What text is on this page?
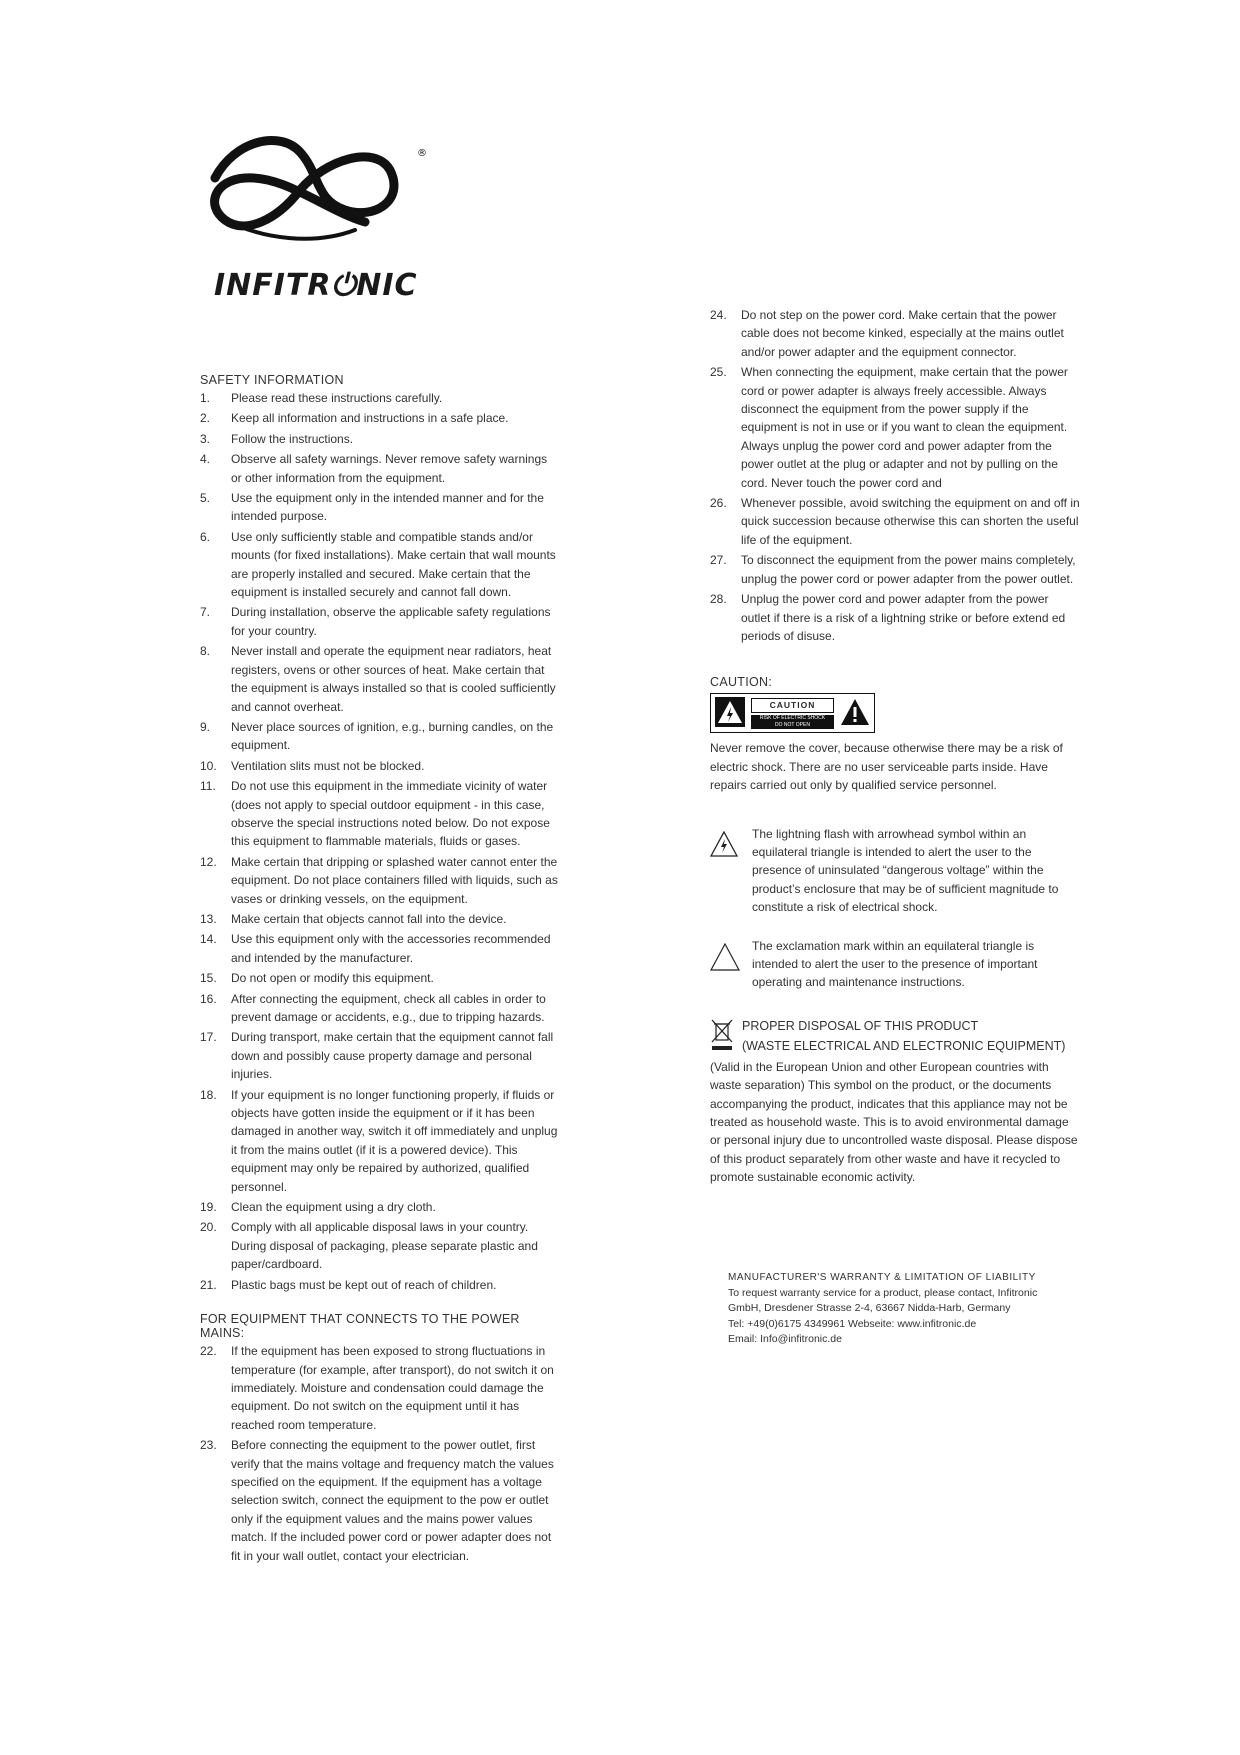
®
INFITR⏻NIC
SAFETY INFORMATION
1.	Please read these instructions carefully.
2.	Keep all information and instructions in a safe place.
3.	Follow the instructions.
4.	Observe all safety warnings. Never remove safety warnings or other information from the equipment.
5.	Use the equipment only in the intended manner and for the intended purpose.
6.	Use only sufficiently stable and compatible stands and/or mounts (for fixed installations). Make certain that wall mounts are properly installed and secured. Make certain that the equipment is installed securely and cannot fall down.
7.	During installation, observe the applicable safety regulations for your country.
8.	Never install and operate the equipment near radiators, heat registers, ovens or other sources of heat. Make certain that the equipment is always installed so that is cooled sufficiently and cannot overheat.
9.	Never place sources of ignition, e.g., burning candles, on the equipment.
10.	Ventilation slits must not be blocked.
11.	Do not use this equipment in the immediate vicinity of water (does not apply to special outdoor equipment - in this case, observe the special instructions noted below. Do not expose this equipment to flammable materials, fluids or gases.
12.	Make certain that dripping or splashed water cannot enter the equipment. Do not place containers filled with liquids, such as vases or drinking vessels, on the equipment.
13.	Make certain that objects cannot fall into the device.
14.	Use this equipment only with the accessories recommended and intended by the manufacturer.
15.	Do not open or modify this equipment.
16.	After connecting the equipment, check all cables in order to prevent damage or accidents, e.g., due to tripping hazards.
17.	During transport, make certain that the equipment cannot fall down and possibly cause property damage and personal injuries.
18.	If your equipment is no longer functioning properly, if fluids or objects have gotten inside the equipment or if it has been damaged in another way, switch it off immediately and unplug it from the mains outlet (if it is a powered device). This equipment may only be repaired by authorized, qualified personnel.
19.	Clean the equipment using a dry cloth.
20.	Comply with all applicable disposal laws in your country. During disposal of packaging, please separate plastic and paper/cardboard.
21.	Plastic bags must be kept out of reach of children.
FOR EQUIPMENT THAT CONNECTS TO THE POWER MAINS:
22.	If the equipment has been exposed to strong fluctuations in temperature (for example, after transport), do not switch it on immediately. Moisture and condensation could damage the equipment. Do not switch on the equipment until it has reached room temperature.
23.	Before connecting the equipment to the power outlet, first verify that the mains voltage and frequency match the values specified on the equipment. If the equipment has a voltage selection switch, connect the equipment to the pow er outlet only if the equipment values and the mains power values match. If the included power cord or power adapter does not fit in your wall outlet, contact your electrician.
24.	Do not step on the power cord. Make certain that the power cable does not become kinked, especially at the mains outlet and/or power adapter and the equipment connector.
25.	When connecting the equipment, make certain that the power cord or power adapter is always freely accessible. Always disconnect the equipment from the power supply if the equipment is not in use or if you want to clean the equipment. Always unplug the power cord and power adapter from the power outlet at the plug or adapter and not by pulling on the cord. Never touch the power cord and
26.	Whenever possible, avoid switching the equipment on and off in quick succession because otherwise this can shorten the useful life of the equipment.
27.	To disconnect the equipment from the power mains completely, unplug the power cord or power adapter from the power outlet.
28.	Unplug the power cord and power adapter from the power outlet if there is a risk of a lightning strike or before extend ed periods of disuse.
CAUTION:
CAUTION
RISK OF ELECTRIC SHOCK
DO NOT OPEN
Never remove the cover, because otherwise there may be a risk of electric shock. There are no user serviceable parts inside. Have repairs carried out only by qualified service personnel.
The lightning flash with arrowhead symbol within an equilateral triangle is intended to alert the user to the presence of uninsulated “dangerous voltage” within the product’s enclosure that may be of sufficient magnitude to constitute a risk of electrical shock.
The exclamation mark within an equilateral triangle is intended to alert the user to the presence of important operating and maintenance instructions.
PROPER DISPOSAL OF THIS PRODUCT
(WASTE ELECTRICAL AND ELECTRONIC EQUIPMENT)
(Valid in the European Union and other European countries with waste separation) This symbol on the product, or the documents accompanying the product, indicates that this appliance may not be treated as household waste. This is to avoid environmental damage or personal injury due to uncontrolled waste disposal. Please dispose of this product separately from other waste and have it recycled to promote sustainable economic activity.
MANUFACTURER'S WARRANTY & LIMITATION OF LIABILITY
To request warranty service for a product, please contact, Infitronic
GmbH, Dresdener Strasse 2-4, 63667 Nidda-Harb, Germany
Tel: +49(0)6175 4349961 Webseite: www.infitronic.de
Email: Info@infitronic.de
